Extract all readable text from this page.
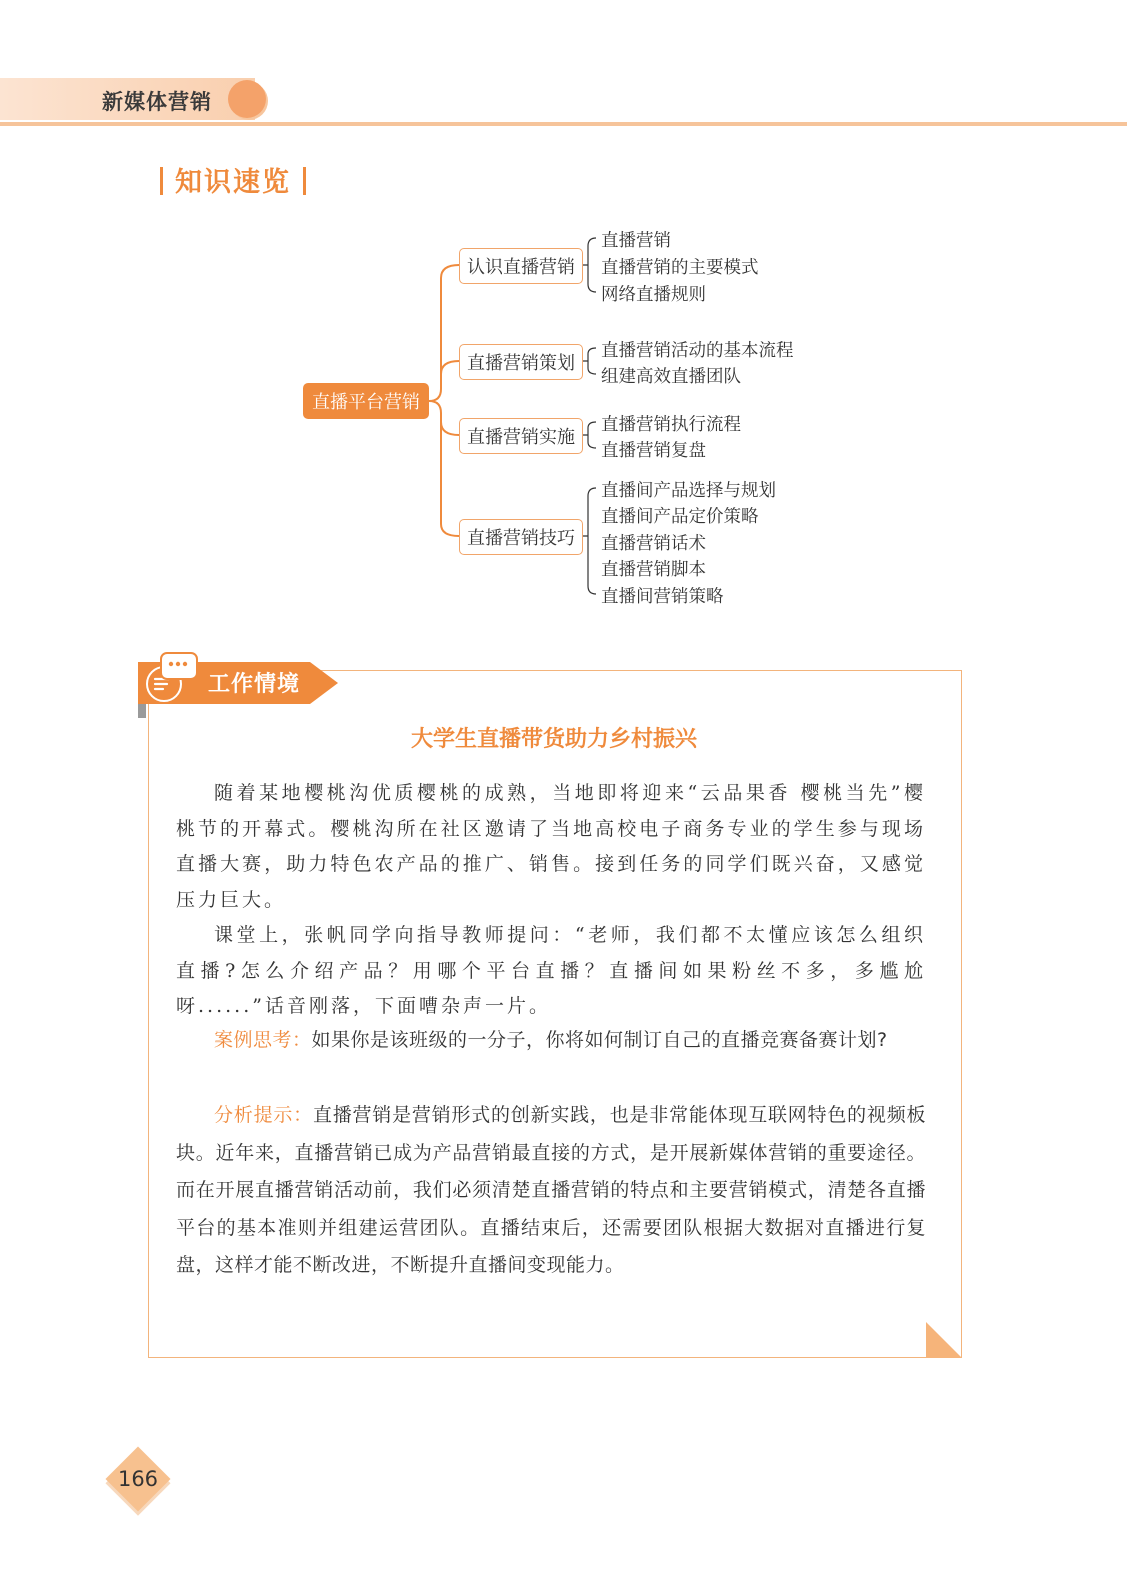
新媒体营销
知识速览
直播平台营销
认识直播营销
直播营销
直播营销的主要模式
网络直播规则
直播营销策划
直播营销活动的基本流程
组建高效直播团队
直播营销实施
直播营销执行流程
直播营销复盘
直播营销技巧
直播间产品选择与规划
直播间产品定价策略
直播营销话术
直播营销脚本
直播间营销策略
工作情境
大学生直播带货助力乡村振兴
随着某地樱桃沟优质樱桃的成熟，当地即将迎来“云品果香 樱桃当先”樱桃节的开幕式。樱桃沟所在社区邀请了当地高校电子商务专业的学生参与现场直播大赛，助力特色农产品的推广、销售。接到任务的同学们既兴奋，又感觉压力巨大。
课堂上，张帆同学向指导教师提问：“老师，我们都不太懂应该怎么组织直播?怎么介绍产品？用哪个平台直播？直播间如果粉丝不多，多尴尬呀......”话音刚落，下面嘈杂声一片。
案例思考：如果你是该班级的一分子，你将如何制订自己的直播竞赛备赛计划?
分析提示：直播营销是营销形式的创新实践，也是非常能体现互联网特色的视频板块。近年来，直播营销已成为产品营销最直接的方式，是开展新媒体营销的重要途径。而在开展直播营销活动前，我们必须清楚直播营销的特点和主要营销模式，清楚各直播平台的基本准则并组建运营团队。直播结束后，还需要团队根据大数据对直播进行复盘，这样才能不断改进，不断提升直播间变现能力。
166
